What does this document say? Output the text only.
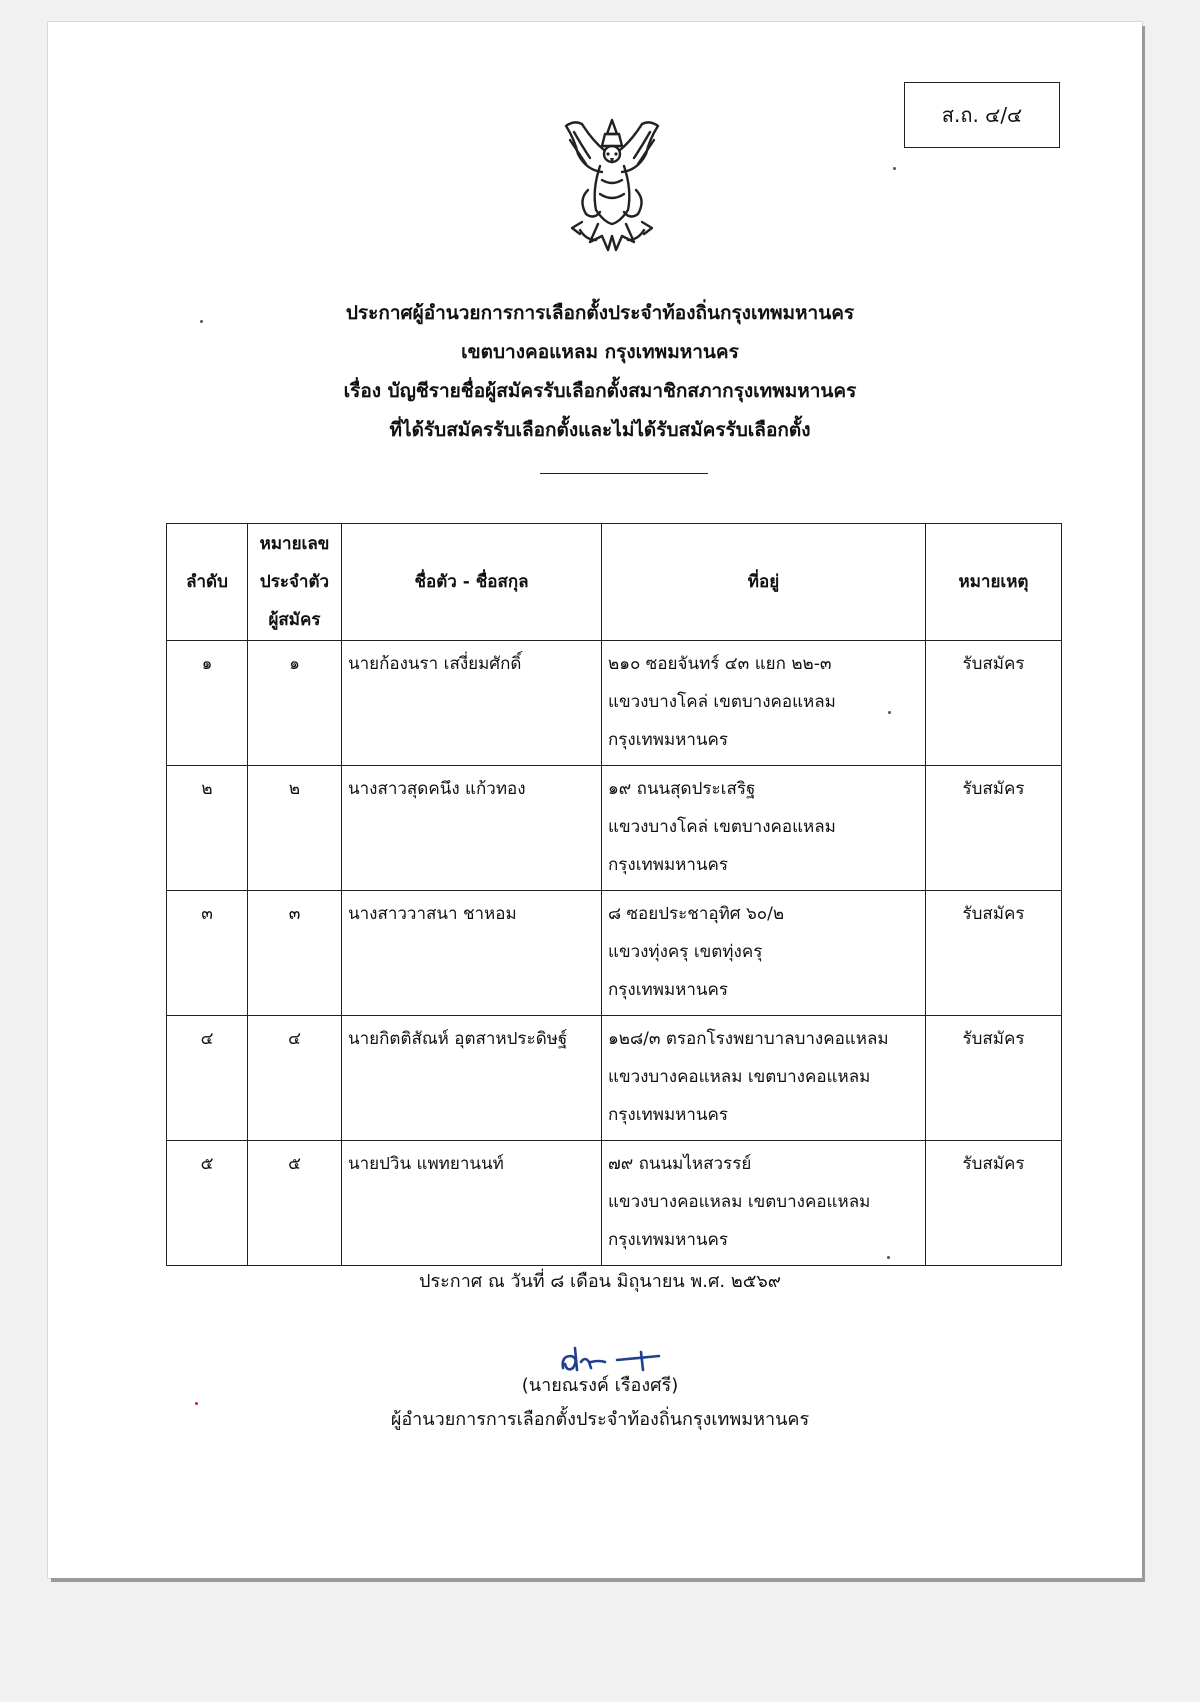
ส.ถ. ๔/๔
ประกาศผู้อำนวยการการเลือกตั้งประจำท้องถิ่นกรุงเทพมหานคร
เขตบางคอแหลม กรุงเทพมหานคร
เรื่อง บัญชีรายชื่อผู้สมัครรับเลือกตั้งสมาชิกสภากรุงเทพมหานคร
ที่ได้รับสมัครรับเลือกตั้งและไม่ได้รับสมัครรับเลือกตั้ง
ลำดับ	หมายเลข
ประจำตัว
ผู้สมัคร	ชื่อตัว - ชื่อสกุล	ที่อยู่	หมายเหตุ
๑	๑	นายก้องนรา เสงี่ยมศักดิ์	๒๑๐ ซอยจันทร์ ๔๓ แยก ๒๒-๓
แขวงบางโคล่ เขตบางคอแหลม
กรุงเทพมหานคร	รับสมัคร
๒	๒	นางสาวสุดคนึง แก้วทอง	๑๙ ถนนสุดประเสริฐ
แขวงบางโคล่ เขตบางคอแหลม
กรุงเทพมหานคร	รับสมัคร
๓	๓	นางสาววาสนา ชาหอม	๘ ซอยประชาอุทิศ ๖๐/๒
แขวงทุ่งครุ เขตทุ่งครุ
กรุงเทพมหานคร	รับสมัคร
๔	๔	นายกิตติสัณห์ อุตสาหประดิษฐ์	๑๒๘/๓ ตรอกโรงพยาบาลบางคอแหลม
แขวงบางคอแหลม เขตบางคอแหลม
กรุงเทพมหานคร	รับสมัคร
๕	๕	นายปวิน แพทยานนท์	๗๙ ถนนมไหสวรรย์
แขวงบางคอแหลม เขตบางคอแหลม
กรุงเทพมหานคร	รับสมัคร
ประกาศ ณ วันที่ ๘ เดือน มิถุนายน พ.ศ. ๒๕๖๙
(นายณรงค์ เรืองศรี)
ผู้อำนวยการการเลือกตั้งประจำท้องถิ่นกรุงเทพมหานคร
